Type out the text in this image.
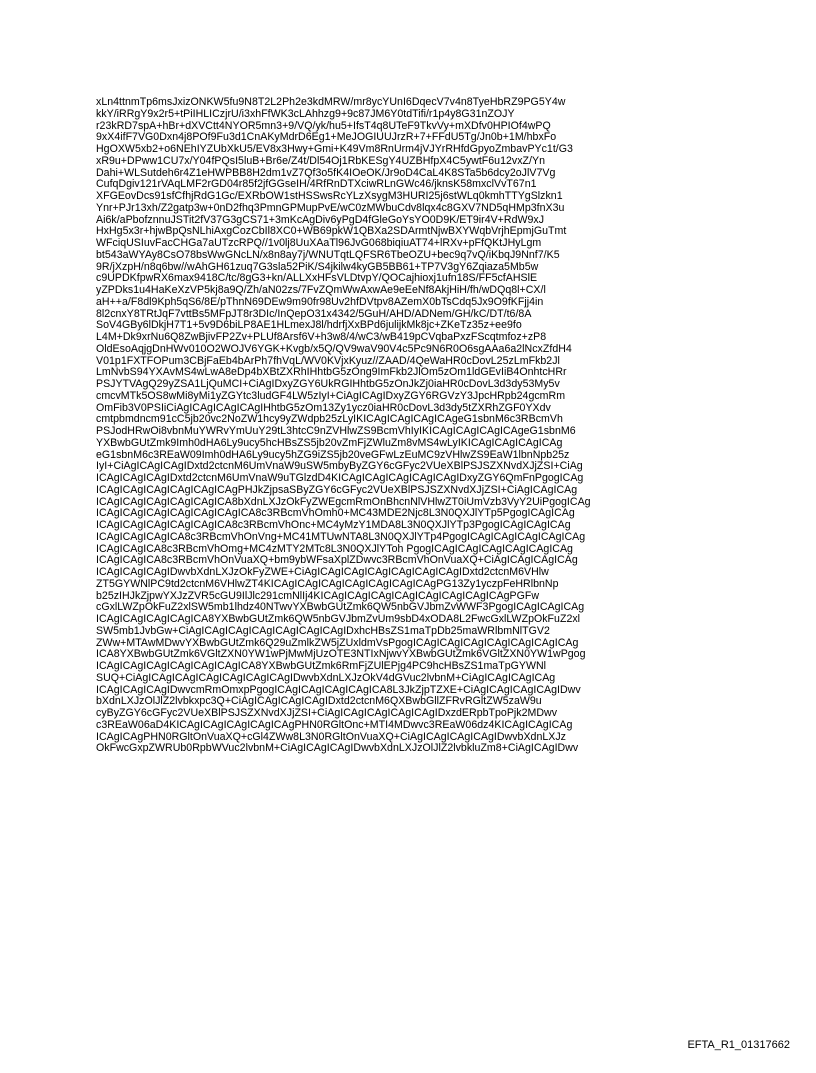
xLn4ttnmTp6msJxizONKW5fu9N8T2L2Ph2e3kdMRW/mr8ycYUnI6DqecV7v4n8TyeHbRZ9PG5Y4w
kkY/iRRgY9x2r5+tPiIHLICzjrU/i3xhFfWK3cLAhhzg9+9c87JM6Y0tdTifi/r1p4y8G31nZOJY
r23kRD7spA+hBr+dXVCtt4NYOR5mn3+9/VQ/yk/hu5+IfsT4q8UTeF9TkvVy+mXDfv0HPIOf4wPQ
9xX4ifF7VG0Dxn4j8POf9Fu3d1CnAKyMdrD6Eg1+MeJOGIUUJrzR+7+FFdU5Tg/Jn0b+1M/hbxFo
HgOXW5xb2+o6NEhIYZUbXkU5/EV8x3Hwy+Gmi+K49Vm8RnUrm4jVJYrRHfdGpyoZmbavPYc1t/G3
xR9u+DPww1CU7x/Y04fPQsI5luB+Br6e/Z4t/Dl54Oj1RbKESgY4UZBHfpX4C5ywtF6u12vxZ/Yn
Dahi+WLSutdeh6r4Z1eHWPBB8H2dm1vZ7Qf3o5fK4IOeOK/Jr9oD4CaL4K8STa5b6dcy2oJlV7Vg
CufqDgiv121rVAqLMF2rGD04r85f2jfGGseIH/4RfRnDTXciwRLnGWc46/jknsK58mxclVvT67n1
XFGEovDcs91sfCfhjRdG1Gc/EXRbOW1stHSSwsRcYLzXsygM3HURI25j6stWLq0kmhTTYgSlzkn1
Ynr+PJr13xh/Z2gatp3w+0nD2fhq3PmnGPMupPvE/wC0zMWbuCdv8lqx4c8GXV7ND5qHMp3fnX3u
Ai6k/aPbofznnuJSTit2fV37G3gCS71+3mKcAgDiv6yPgD4fGleGoYsYO0D9K/ET9ir4V+RdW9xJ
HxHg5x3r+hjwBpQsNLhiAxgCozCbIl8XC0+WB69pkW1QBXa2SDArmtNjwBXYWqbVrjhEpmjGuTmt
WFciqUSIuvFacCHGa7aUTzcRPQ//1v0lj8UuXAaTl96JvG068biqiuAT74+lRXv+pFfQKtJHyLgm
bt543aWYAy8CsO78bsWwGNcLN/x8n8ay7j/WNUTqtLQFSR6TbeOZU+bec9q7vQ/iKbqJ9Nnf7/K5
9R/jXzpH/n8q6bw//wAhGH61zuq7G3sla52PiK/S4jkilw4kyGB5BB61+TP7V3gY6Zqiaza5Mb5w
c9UPDKfpwRX6max9418C/tc/8gG3+kn/ALLXxHFsVLDtvpY/QOCajhioxj1ufn18S/FF5cfAHSlE
yZPDks1u4HaKeXzVP5kj8a9Q/Zh/aN02zs/7FvZQmWwAxwAe9eEeNf8AkjHiH/fh/wDQq8l+CX/l
aH++a/F8dl9Kph5qS6/8E/pThnN69DEw9m90fr98Uv2hfDVtpv8AZemX0bTsCdq5Jx9O9fKFjj4in
8l2cnxY8TRtJqF7vttBs5MFpJT8r3DIc/InQepO31x4342/5GuH/AHD/ADNem/GH/kC/DT/t6/8A
SoV4GBy6lDkjH7T1+5v9D6biLP8AE1HLmexJ8l/hdrfjXxBPd6julijkMk8jc+ZKeTz35z+ee9fo
L4M+Dk9xrNu6Q8ZwBjivFP2Zv+PLUf8Arsf6V+h3w8/4/wC3/wB419pCVqbaPxzFScqtmfoz+zP8
OldEsoAqjgDnHWv010O2WOJV6YGK+Kvgb/x5Q/QV9waV90V4c5Pc9N6R0O6sgAAa6a2lNcxZfdH4
V01p1FXTFOPum3CBjFaEb4bArPh7fhVqL/WV0KVjxKyuz//ZAAD/4QeWaHR0cDovL25zLmFkb2Jl
LmNvbS94YXAvMS4wLwA8eDp4bXBtZXRhIHhtbG5zOng9ImFkb2JlOm5zOm1ldGEvIiB4OnhtcHRr
PSJYTVAgQ29yZSA1LjQuMCI+CiAgIDxyZGY6UkRGIHhtbG5zOnJkZj0iaHR0cDovL3d3dy53My5v
cmcvMTk5OS8wMi8yMi1yZGYtc3ludGF4LW5zIyI+CiAgICAgIDxyZGY6RGVzY3JpcHRpb24gcmRm
OmFib3V0PSIiCiAgICAgICAgICAgIHhtbG5zOm13Zy1ycz0iaHR0cDovL3d3dy5tZXRhZGF0YXdv
cmtpbmdncm91cC5jb20vc2NoZW1hcy9yZWdpb25zLyIKICAgICAgICAgICAgeG1sbnM6c3RBcmVh
PSJodHRwOi8vbnMuYWRvYmUuY29tL3htcC9nZVHlwZS9BcmVhIyIKICAgICAgICAgICAgeG1sbnM6
YXBwbGUtZmk9Imh0dHA6Ly9ucy5hcHBsZS5jb20vZmFjZWluZm8vMS4wLyIKICAgICAgICAgICAg
eG1sbnM6c3REaW09Imh0dHA6Ly9ucy5hZG9iZS5jb20veGFwLzEuMC9zVHlwZS9EaW1lbnNpb25z
IyI+CiAgICAgICAgIDxtd2ctcnM6UmVnaW9uSW5mbyByZGY6cGFyc2VUeXBlPSJSZXNvdXJjZSI+CiAg
ICAgICAgICAgIDxtd2ctcnM6UmVnaW9uTGlzdD4KICAgICAgICAgICAgICAgIDxyZGY6QmFnPgogICAg
ICAgICAgICAgICAgICAgICAgPHJkZjpsaSByZGY6cGFyc2VUeXBlPSJSZXNvdXJjZSI+CiAgICAgICAg
ICAgICAgICAgICAgICAgICA8bXdnLXJzOkFyZWEgcmRmOnBhcnNlVHlwZT0iUmVzb3VyY2UiPgogICAg
ICAgICAgICAgICAgICAgICAgICA8c3RBcmVhOmh0+MC43MDE2Njc8L3N0QXJlYTp5PgogICAgICAg
ICAgICAgICAgICAgICAgICA8c3RBcmVhOnc+MC4yMzY1MDA8L3N0QXJlYTp3PgogICAgICAgICAg
ICAgICAgICAgICA8c3RBcmVhOnVng+MC41MTUwNTA8L3N0QXJlYTp4PgogICAgICAgICAgICAgICAg
ICAgICAgICA8c3RBcmVhOmg+MC4zMTY2MTc8L3N0QXJlYToh PgogICAgICAgICAgICAgICAgICAg
ICAgICAgICA8c3RBcmVhOnVuaXQ+bm9ybWFsaXplZDwvc3RBcmVhOnVuaXQ+CiAgICAgICAgICAg
ICAgICAgICAgIDwvbXdnLXJzOkFyZWE+CiAgICAgICAgICAgICAgICAgICAgIDxtd2ctcnM6VHlw
ZT5GYWNlPC9td2ctcnM6VHlwZT4KICAgICAgICAgICAgICAgICAgICAgPG13Zy1yczpFeHRlbnNp
b25zIHJkZjpwYXJzZVR5cGU9IlJlc291cmNlIj4KICAgICAgICAgICAgICAgICAgICAgICAgPGFw
cGxlLWZpOkFuZ2xlSW5mb1lhdz40NTwvYXBwbGUtZmk6QW5nbGVJbmZvWWF3PgogICAgICAgICAg
ICAgICAgICAgICAgICA8YXBwbGUtZmk6QW5nbGVJbmZvUm9sbD4xODA8L2FwcGxlLWZpOkFuZ2xl
SW5mb1JvbGw+CiAgICAgICAgICAgICAgICAgICAgIDxhcHBsZS1maTpDb25maWRlbmNlTGV2
ZWw+MTAwMDwvYXBwbGUtZmk6Q29uZmlkZW5jZUxldmVsPgogICAgICAgICAgICAgICAgICAgICAg
ICA8YXBwbGUtZmk6VGltZXN0YW1wPjMwMjUzOTE3NTIxNjwvYXBwbGUtZmk6VGltZXN0YW1wPgog
ICAgICAgICAgICAgICAgICAgICA8YXBwbGUtZmk6RmFjZUlEPjg4PC9hcHBsZS1maTpGYWNl
SUQ+CiAgICAgICAgICAgICAgICAgICAgIDwvbXdnLXJzOkV4dGVuc2lvbnM+CiAgICAgICAgICAg
ICAgICAgICAgIDwvcmRmOmxpPgogICAgICAgICAgICAgICA8L3JkZjpTZXE+CiAgICAgICAgICAgIDwv
bXdnLXJzOlJlZ2lvbkxpc3Q+CiAgICAgICAgICAgIDxtd2ctcnM6QXBwbGllZFRvRGltZW5zaW9u
cyByZGY6cGFyc2VUeXBlPSJSZXNvdXJjZSI+CiAgICAgICAgICAgICAgIDxzdERpbTpoPjk2MDwv
c3REaW06aD4KICAgICAgICAgICAgICAgPHN0RGltOnc+MTI4MDwvc3REaW06dz4KICAgICAgICAg
ICAgICAgPHN0RGltOnVuaXQ+cGl4ZWw8L3N0RGltOnVuaXQ+CiAgICAgICAgICAgIDwvbXdnLXJz
OkFwcGxpZWRUb0RpbWVuc2lvbnM+CiAgICAgICAgIDwvbXdnLXJzOlJlZ2lvbkluZm8+CiAgICAgIDwv
EFTA_R1_01317662
